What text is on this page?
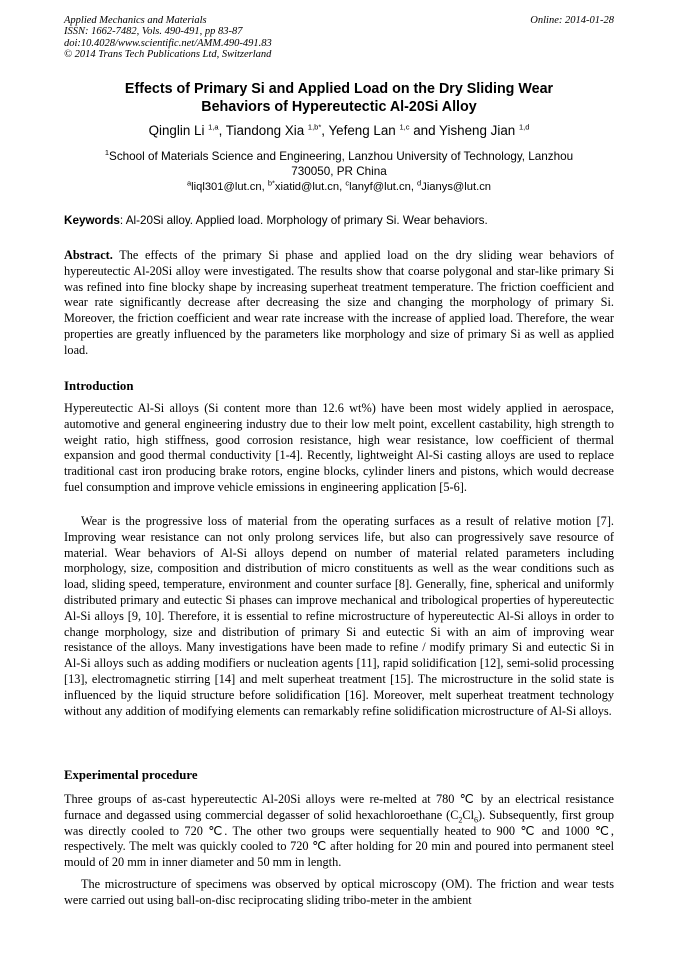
Applied Mechanics and Materials
ISSN: 1662-7482, Vols. 490-491, pp 83-87
doi:10.4028/www.scientific.net/AMM.490-491.83
© 2014 Trans Tech Publications Ltd, Switzerland
Online: 2014-01-28
Effects of Primary Si and Applied Load on the Dry Sliding Wear
Behaviors of Hypereutectic Al-20Si Alloy
Qinglin Li $^{1,a}$, Tiandong Xia $^{1,b*}$, Yefeng Lan $^{1,c}$ and Yisheng Jian $^{1,d}$
$^1$School of Materials Science and Engineering, Lanzhou University of Technology, Lanzhou
730050, PR China
$^a$liql301@lut.cn, $^{b*}$xiatid@lut.cn, $^c$lanyf@lut.cn, $^d$Jianys@lut.cn
Keywords: Al-20Si alloy. Applied load. Morphology of primary Si. Wear behaviors.
Abstract. The effects of the primary Si phase and applied load on the dry sliding wear behaviors of hypereutectic Al-20Si alloy were investigated. The results show that coarse polygonal and star-like primary Si was refined into fine blocky shape by increasing superheat treatment temperature. The friction coefficient and wear rate significantly decrease after decreasing the size and changing the morphology of primary Si. Moreover, the friction coefficient and wear rate increase with the increase of applied load. Therefore, the wear properties are greatly influenced by the parameters like morphology and size of primary Si as well as applied load.
Introduction
Hypereutectic Al-Si alloys (Si content more than 12.6 wt%) have been most widely applied in aerospace, automotive and general engineering industry due to their low melt point, excellent castability, high strength to weight ratio, high stiffness, good corrosion resistance, high wear resistance, low coefficient of thermal expansion and good thermal conductivity [1-4]. Recently, lightweight Al-Si casting alloys are used to replace traditional cast iron producing brake rotors, engine blocks, cylinder liners and pistons, which would decrease fuel consumption and improve vehicle emissions in engineering application [5-6].
Wear is the progressive loss of material from the operating surfaces as a result of relative motion [7]. Improving wear resistance can not only prolong services life, but also can progressively save resource of material. Wear behaviors of Al-Si alloys depend on number of material related parameters including morphology, size, composition and distribution of micro constituents as well as the wear conditions such as load, sliding speed, temperature, environment and counter surface [8]. Generally, fine, spherical and uniformly distributed primary and eutectic Si phases can improve mechanical and tribological properties of hypereutectic Al-Si alloys [9, 10]. Therefore, it is essential to refine microstructure of hypereutectic Al-Si alloys in order to change morphology, size and distribution of primary Si and eutectic Si with an aim of improving wear resistance of the alloys. Many investigations have been made to refine / modify primary Si and eutectic Si in Al-Si alloys such as adding modifiers or nucleation agents [11], rapid solidification [12], semi-solid processing [13], electromagnetic stirring [14] and melt superheat treatment [15]. The microstructure in the solid state is influenced by the liquid structure before solidification [16]. Moreover, melt superheat treatment technology without any addition of modifying elements can remarkably refine solidification microstructure of Al-Si alloys.
Experimental procedure
Three groups of as-cast hypereutectic Al-20Si alloys were re-melted at 780 ℃ by an electrical resistance furnace and degassed using commercial degasser of solid hexachloroethane $(C_2Cl_6)$. Subsequently, first group was directly cooled to 720 ℃. The other two groups were sequentially heated to 900 ℃ and 1000 ℃, respectively. The melt was quickly cooled to 720 ℃ after holding for 20 min and poured into permanent steel mould of 20 mm in inner diameter and 50 mm in length.
The microstructure of specimens was observed by optical microscopy (OM). The friction and wear tests were carried out using ball-on-disc reciprocating sliding tribo-meter in the ambient
